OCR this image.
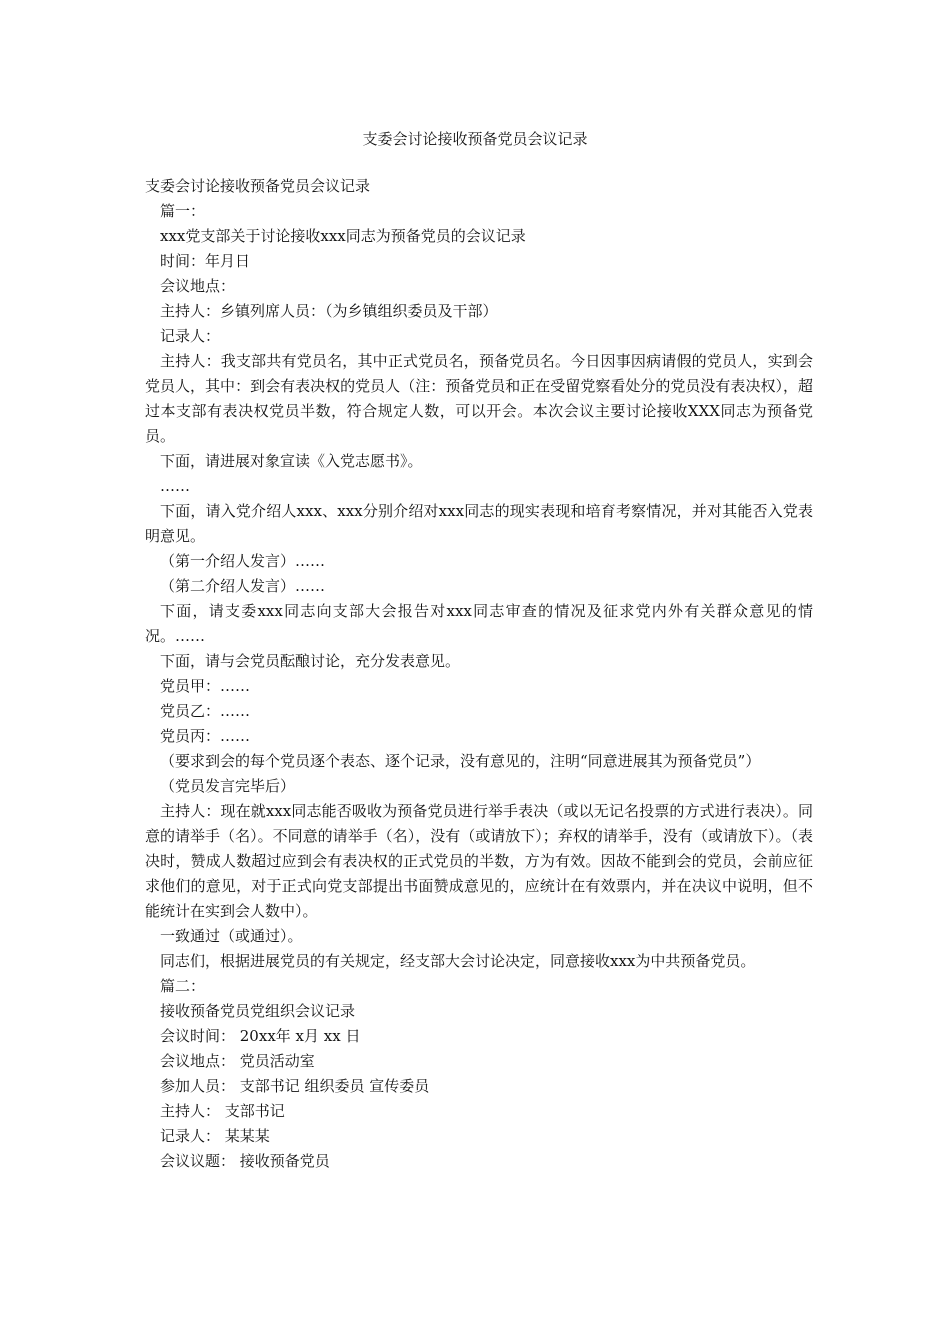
支委会讨论接收预备党员会议记录

支委会讨论接收预备党员会议记录

篇一：

xxx党支部关于讨论接收xxx同志为预备党员的会议记录

时间：年月日

会议地点：

主持人：乡镇列席人员：（为乡镇组织委员及干部）

记录人：

主持人：我支部共有党员名，其中正式党员名，预备党员名。今日因事因病请假的党员人，实到会党员人，其中：到会有表决权的党员人（注：预备党员和正在受留党察看处分的党员没有表决权），超过本支部有表决权党员半数，符合规定人数，可以开会。本次会议主要讨论接收XXX同志为预备党员。

下面，请进展对象宣读《入党志愿书》。

……

下面，请入党介绍人xxx、xxx分别介绍对xxx同志的现实表现和培育考察情况，并对其能否入党表明意见。

（第一介绍人发言）……

（第二介绍人发言）……

下面，请支委xxx同志向支部大会报告对xxx同志审查的情况及征求党内外有关群众意见的情况。……

下面，请与会党员酝酿讨论，充分发表意见。

党员甲：……

党员乙：……

党员丙：……

（要求到会的每个党员逐个表态、逐个记录，没有意见的，注明“同意进展其为预备党员”）

（党员发言完毕后）

主持人：现在就xxx同志能否吸收为预备党员进行举手表决（或以无记名投票的方式进行表决）。同意的请举手（名）。不同意的请举手（名），没有（或请放下）；弃权的请举手，没有（或请放下）。（表决时，赞成人数超过应到会有表决权的正式党员的半数，方为有效。因故不能到会的党员，会前应征求他们的意见，对于正式向党支部提出书面赞成意见的，应统计在有效票内，并在决议中说明，但不能统计在实到会人数中）。

一致通过（或通过）。

同志们，根据进展党员的有关规定，经支部大会讨论决定，同意接收xxx为中共预备党员。

篇二：

接收预备党员党组织会议记录

会议时间： 20xx年 x月 xx 日

会议地点： 党员活动室

参加人员： 支部书记 组织委员 宣传委员

主持人： 支部书记

记录人： 某某某

会议议题： 接收预备党员
